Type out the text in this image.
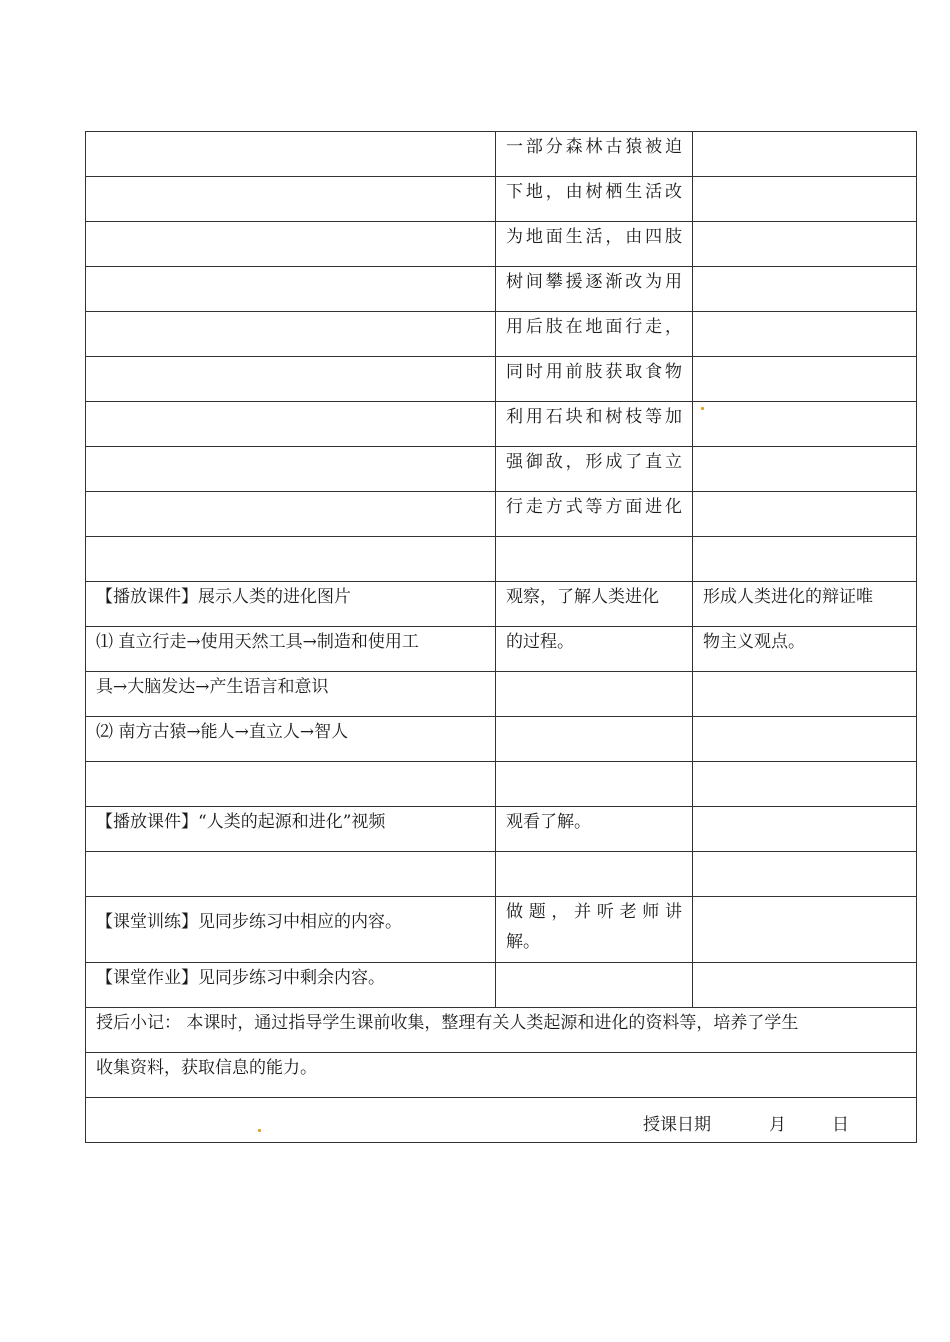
	一部分森林古猿被迫	

	下地，由树栖生活改	

	为地面生活，由四肢	

	树间攀援逐渐改为用	

	用后肢在地面行走，	

	同时用前肢获取食物	

	利用石块和树枝等加	

	强御敌，形成了直立	

	行走方式等方面进化	

【播放课件】展示人类的进化图片	观察，了解人类进化	形成人类进化的辩证唯
⑴ 直立行走→使用天然工具→制造和使用工	的过程。	物主义观点。
具→大脑发达→产生语言和意识	

⑵ 南方古猿→能人→直立人→智人	

【播放课件】“人类的起源和进化”视频	观看了解。	

【课堂训练】见同步练习中相应的内容。	做题，并听老师讲
解。	

【课堂作业】见同步练习中剩余内容。		
授后小记： 本课时，通过指导学生课前收集，整理有关人类起源和进化的资料等，培养了学生		
收集资料，获取信息的能力。		

授课日期 月 日		
